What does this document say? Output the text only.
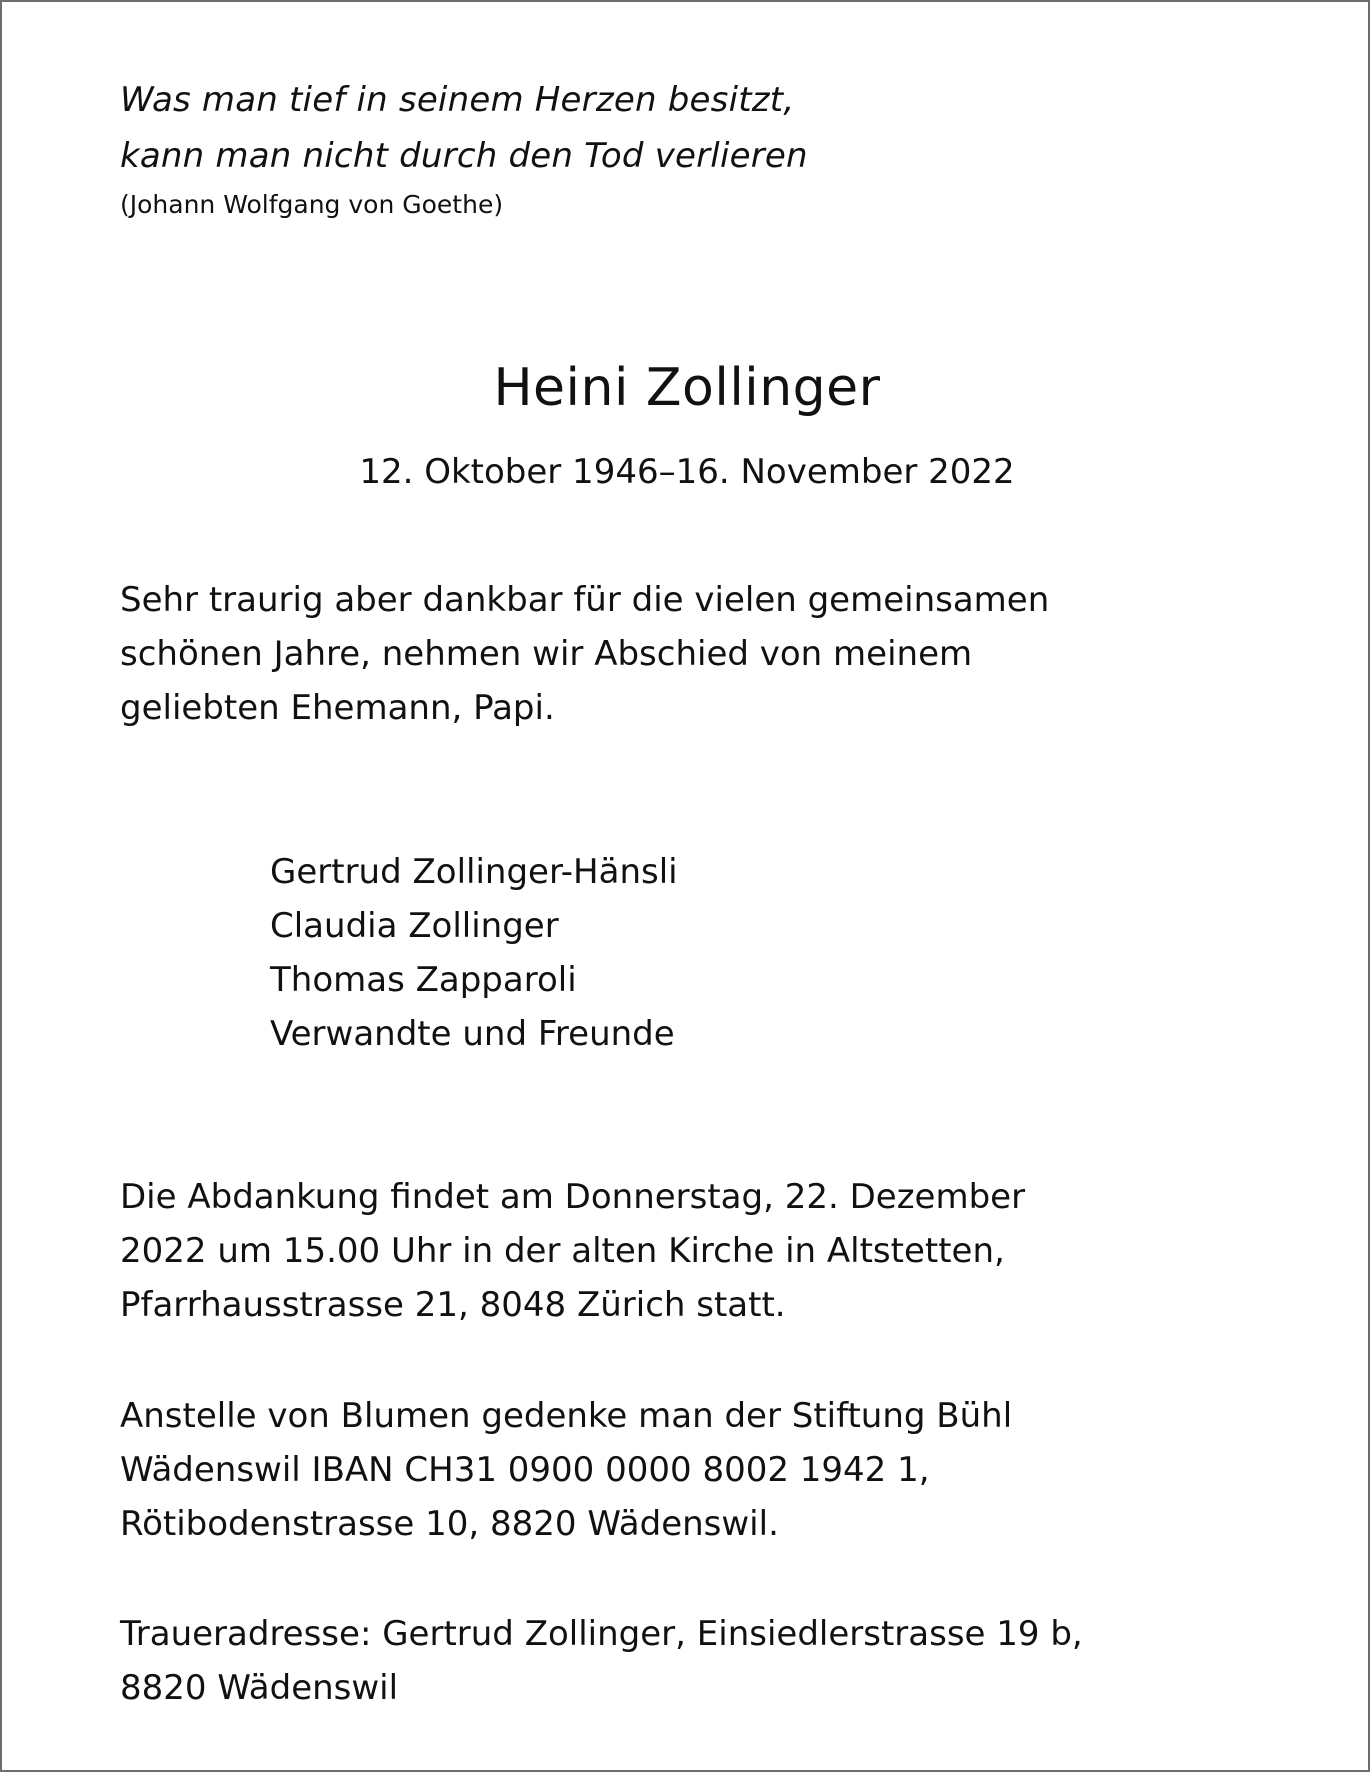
Was man tief in seinem Herzen besitzt,
kann man nicht durch den Tod verlieren
(Johann Wolfgang von Goethe)
Heini Zollinger
12. Oktober 1946–16. November 2022
Sehr traurig aber dankbar für die vielen gemeinsamen
schönen Jahre, nehmen wir Abschied von meinem
geliebten Ehemann, Papi.
Gertrud Zollinger-Hänsli
Claudia Zollinger
Thomas Zapparoli
Verwandte und Freunde
Die Abdankung findet am Donnerstag, 22. Dezember
2022 um 15.00 Uhr in der alten Kirche in Altstetten,
Pfarrhausstrasse 21, 8048 Zürich statt.
Anstelle von Blumen gedenke man der Stiftung Bühl
Wädenswil IBAN CH31 0900 0000 8002 1942 1,
Rötibodenstrasse 10, 8820 Wädenswil.
Traueradresse: Gertrud Zollinger, Einsiedlerstrasse 19 b,
8820 Wädenswil
